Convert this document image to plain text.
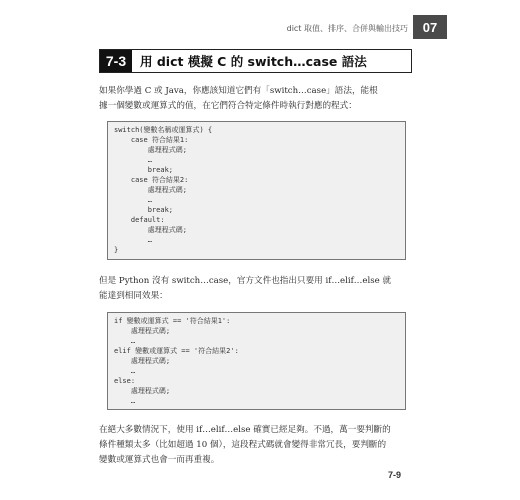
dict 取值、排序、合併與輸出技巧	07
7-3	用 dict 模擬 C 的 switch…case 語法
如果你學過 C 或 Java，你應該知道它們有「switch…case」語法，能根
據一個變數或運算式的值，在它們符合特定條件時執行對應的程式：
switch(變數名稱或運算式) {
case 符合結果1:
處理程式碼;
…
break;
case 符合結果2:
處理程式碼;
…
break;
default:
處理程式碼;
…
}
但是 Python 沒有 switch…case，官方文件也指出只要用 if…elif…else 就
能達到相同效果：
if 變數或運算式 == '符合結果1':
處理程式碼;
…
elif 變數或運算式 == '符合結果2':
處理程式碼;
…
else:
處理程式碼;
…
在絕大多數情況下，使用 if…elif…else 確實已經足夠。不過，萬一要判斷的
條件種類太多（比如超過 10 個），這段程式碼就會變得非常冗長，要判斷的
變數或運算式也會一而再重複。
7-9
